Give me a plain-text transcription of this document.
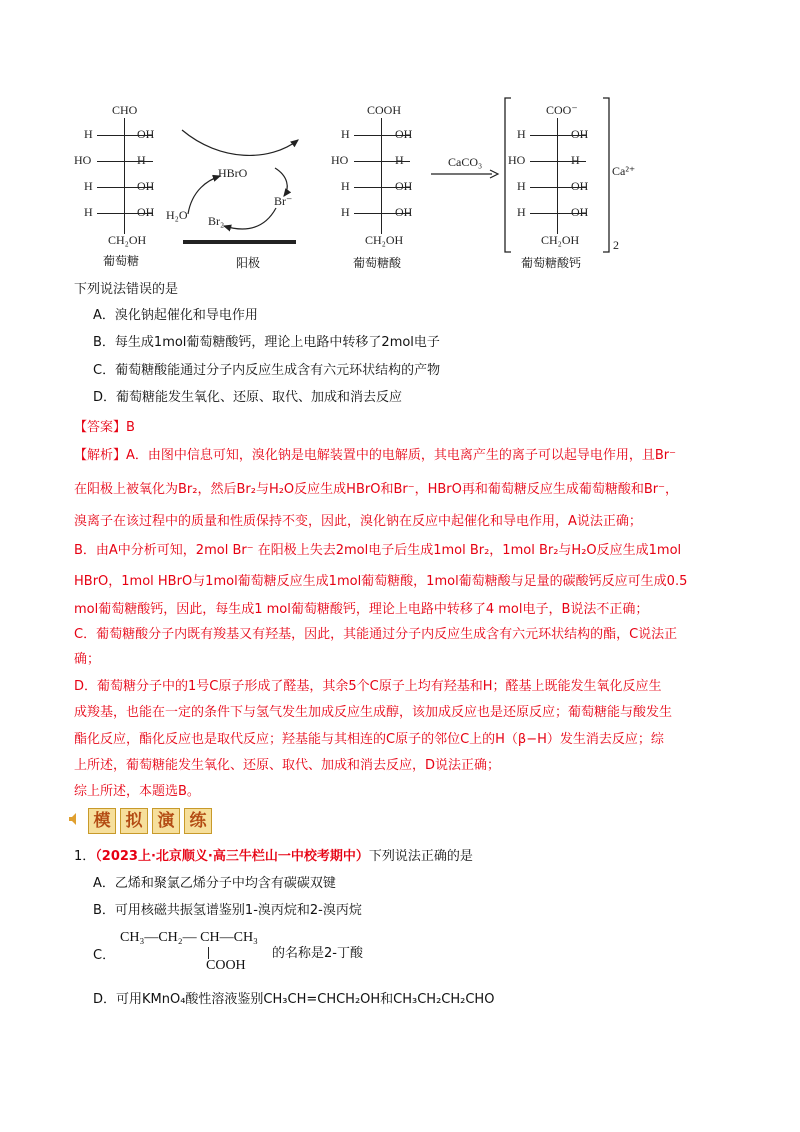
CHO
H	OH
HO	H
H	OH
H	OH
CH₂OH
葡萄糖
HBrO
Br⁻
H₂O Br₂
阳极
COOH
H	OH
HO	H
H	OH
H	OH
CH₂OH
葡萄糖酸
CaCO₃
COO⁻
H	OH
HO	H
H	OH
H	OH
CH₂OH
Ca²⁺
2
葡萄糖酸钙
下列说法错误的是
A．溴化钠起催化和导电作用
B．每生成1mol葡萄糖酸钙，理论上电路中转移了2mol电子
C．葡萄糖酸能通过分子内反应生成含有六元环状结构的产物
D．葡萄糖能发生氧化、还原、取代、加成和消去反应
【答案】B
【解析】A．由图中信息可知，溴化钠是电解装置中的电解质，其电离产生的离子可以起导电作用，且Br⁻
在阳极上被氧化为Br₂，然后Br₂与H₂O反应生成HBrO和Br⁻，HBrO再和葡萄糖反应生成葡萄糖酸和Br⁻，
溴离子在该过程中的质量和性质保持不变，因此，溴化钠在反应中起催化和导电作用，A说法正确；
B．由A中分析可知，2mol Br⁻ 在阳极上失去2mol电子后生成1mol Br₂，1mol Br₂与H₂O反应生成1mol
HBrO，1mol HBrO与1mol葡萄糖反应生成1mol葡萄糖酸，1mol葡萄糖酸与足量的碳酸钙反应可生成0.5
mol葡萄糖酸钙，因此，每生成1 mol葡萄糖酸钙，理论上电路中转移了4 mol电子，B说法不正确；
C．葡萄糖酸分子内既有羧基又有羟基，因此，其能通过分子内反应生成含有六元环状结构的酯，C说法正
确；
D．葡萄糖分子中的1号C原子形成了醛基，其余5个C原子上均有羟基和H；醛基上既能发生氧化反应生
成羧基，也能在一定的条件下与氢气发生加成反应生成醇，该加成反应也是还原反应；葡萄糖能与酸发生
酯化反应，酯化反应也是取代反应；羟基能与其相连的C原子的邻位C上的H（β−H）发生消去反应；综
上所述，葡萄糖能发生氧化、还原、取代、加成和消去反应，D说法正确；
综上所述，本题选B。
模 拟 演 练
1．（2023上·北京顺义·高三牛栏山一中校考期中）下列说法正确的是
A．乙烯和聚氯乙烯分子中均含有碳碳双键
B．可用核磁共振氢谱鉴别1-溴丙烷和2-溴丙烷
C．
CH₃—CH₂— CH—CH₃
COOH
的名称是2-丁酸
D．可用KMnO₄酸性溶液鉴别CH₃CH=CHCH₂OH和CH₃CH₂CH₂CHO
